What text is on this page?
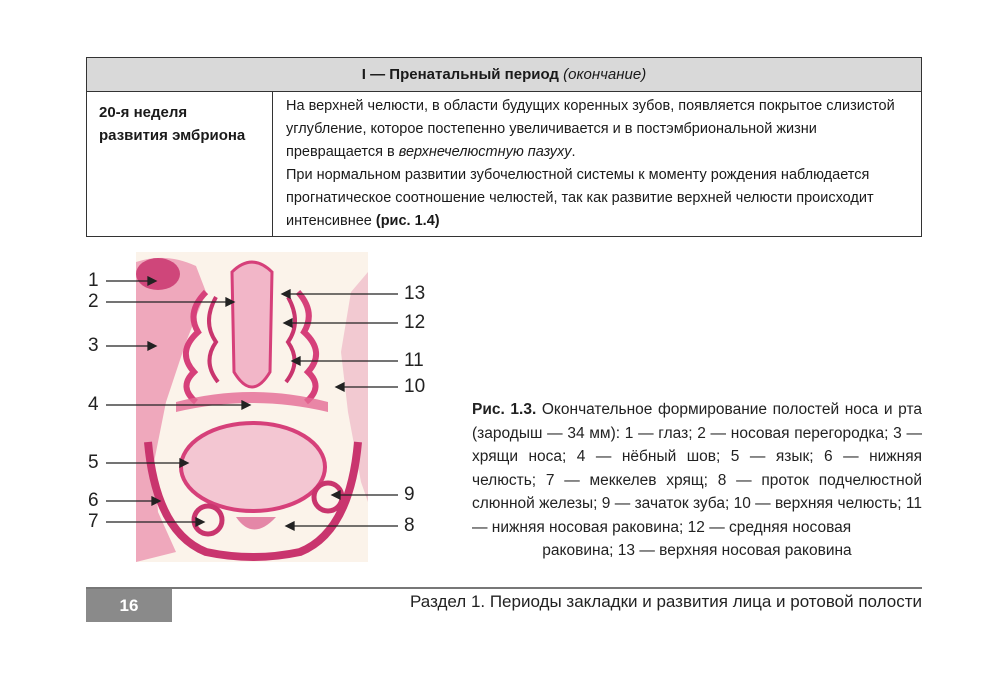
I — Пренатальный период (окончание)
20-я неделя развития эмбриона

На верхней челюсти, в области будущих коренных зубов, появляется покрытое слизистой углубление, которое постепенно увеличивается и в постэмбриональной жизни превращается в верхнечелюстную пазуху.

При нормальном развитии зубочелюстной системы к моменту рождения наблюдается прогнатическое соотношение челюстей, так как развитие верхней челюсти происходит интенсивнее (рис. 1.4)

1
2
3
4
5
6
7
13
12
11
10
9
8
Рис. 1.3. Окончательное формирование полостей носа и рта (зародыш — 34 мм): 1 — глаз; 2 — носовая перегородка; 3 — хрящи носа; 4 — нёбный шов; 5 — язык; 6 — нижняя челюсть; 7 — меккелев хрящ; 8 — проток подчелюстной слюнной железы; 9 — зачаток зуба; 10 — верхняя челюсть; 11 — нижняя носовая раковина; 12 — средняя носовая
раковина; 13 — верхняя носовая раковина
16	Раздел 1. Периоды закладки и развития лица и ротовой полости
